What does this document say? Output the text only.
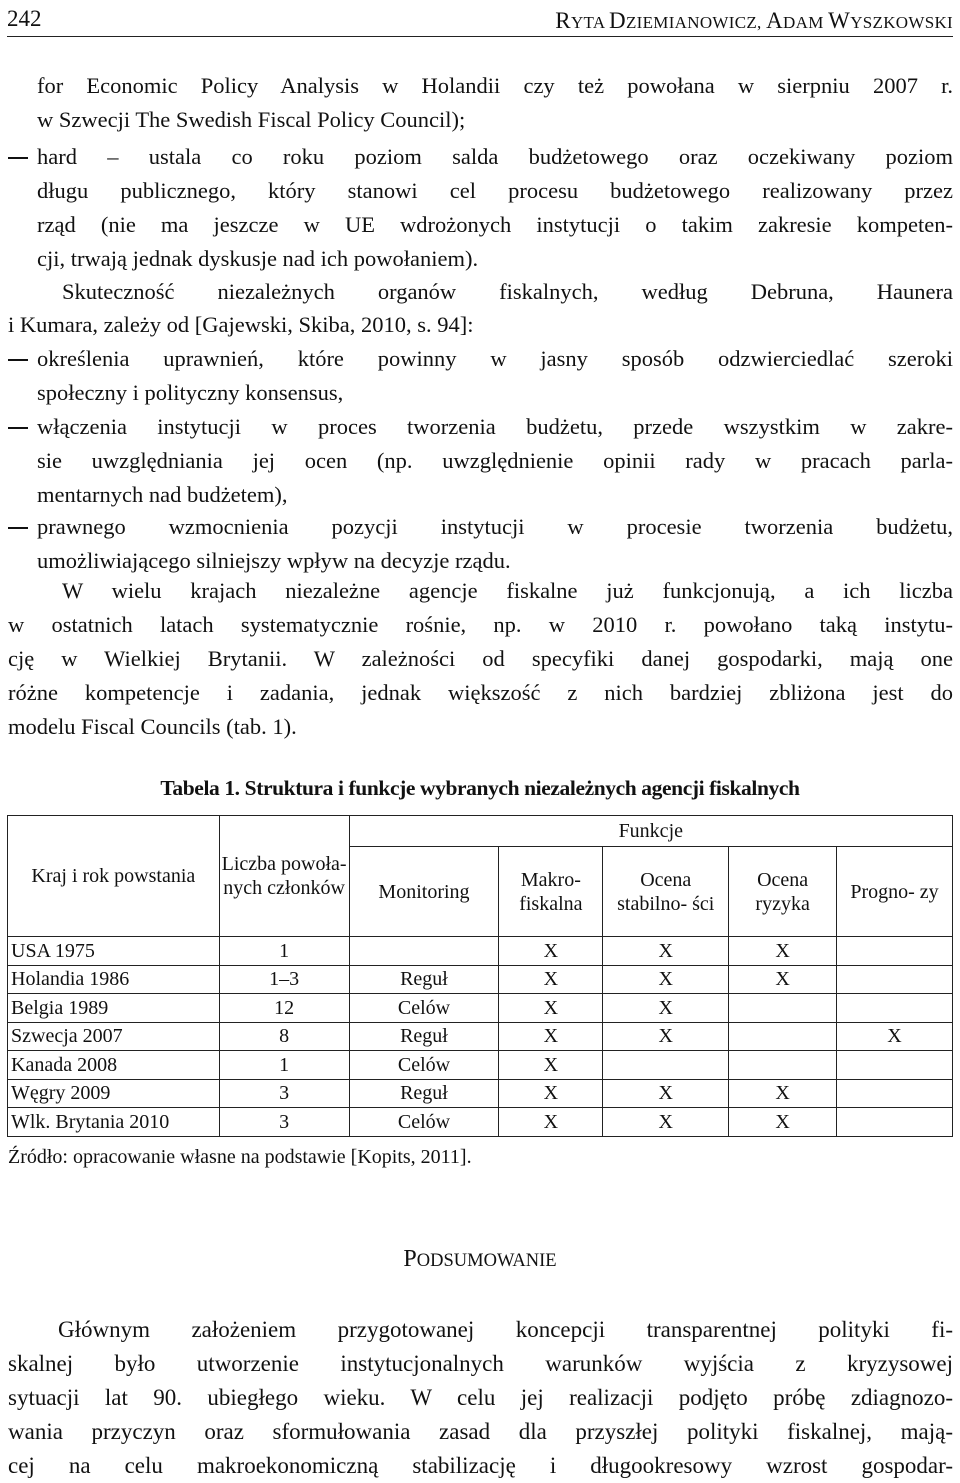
242	RYTA DZIEMIANOWICZ, ADAM WYSZKOWSKI
for Economic Policy Analysis w Holandii czy też powołana w sierpniu 2007 r.
w Szwecji The Swedish Fiscal Policy Council);
hard – ustala co roku poziom salda budżetowego oraz oczekiwany poziom
długu publicznego, który stanowi cel procesu budżetowego realizowany przez
rząd (nie ma jeszcze w UE wdrożonych instytucji o takim zakresie kompeten-
cji, trwają jednak dyskusje nad ich powołaniem).
Skuteczność niezależnych organów fiskalnych, według Debruna, Haunera
i Kumara, zależy od [Gajewski, Skiba, 2010, s. 94]:
określenia uprawnień, które powinny w jasny sposób odzwierciedlać szeroki
społeczny i polityczny konsensus,
włączenia instytucji w proces tworzenia budżetu, przede wszystkim w zakre-
sie uwzględniania jej ocen (np. uwzględnienie opinii rady w pracach parla-
mentarnych nad budżetem),
prawnego wzmocnienia pozycji instytucji w procesie tworzenia budżetu,
umożliwiającego silniejszy wpływ na decyzje rządu.
W wielu krajach niezależne agencje fiskalne już funkcjonują, a ich liczba
w ostatnich latach systematycznie rośnie, np. w 2010 r. powołano taką instytu-
cję w Wielkiej Brytanii. W zależności od specyfiki danej gospodarki, mają one
różne kompetencje i zadania, jednak większość z nich bardziej zbliżona jest do
modelu Fiscal Councils (tab. 1).
Tabela 1. Struktura i funkcje wybranych niezależnych agencji fiskalnych
Kraj i rok powstania	Liczba powoła- nych członków	Funkcje				
		Monitoring	Makro- fiskalna	Ocena stabilno- ści	Ocena ryzyka	Progno- zy
USA 1975	1		X	X	X	
Holandia 1986	1–3	Reguł	X	X	X	
Belgia 1989	12	Celów	X	X		
Szwecja 2007	8	Reguł	X	X		X
Kanada 2008	1	Celów	X			
Węgry 2009	3	Reguł	X	X	X	
Wlk. Brytania 2010	3	Celów	X	X	X	
Źródło: opracowanie własne na podstawie [Kopits, 2011].
PODSUMOWANIE
Głównym założeniem przygotowanej koncepcji transparentnej polityki fi-
skalnej było utworzenie instytucjonalnych warunków wyjścia z kryzysowej
sytuacji lat 90. ubiegłego wieku. W celu jej realizacji podjęto próbę zdiagnozo-
wania przyczyn oraz sformułowania zasad dla przyszłej polityki fiskalnej, mają-
cej na celu makroekonomiczną stabilizację i długookresowy wzrost gospodar-
